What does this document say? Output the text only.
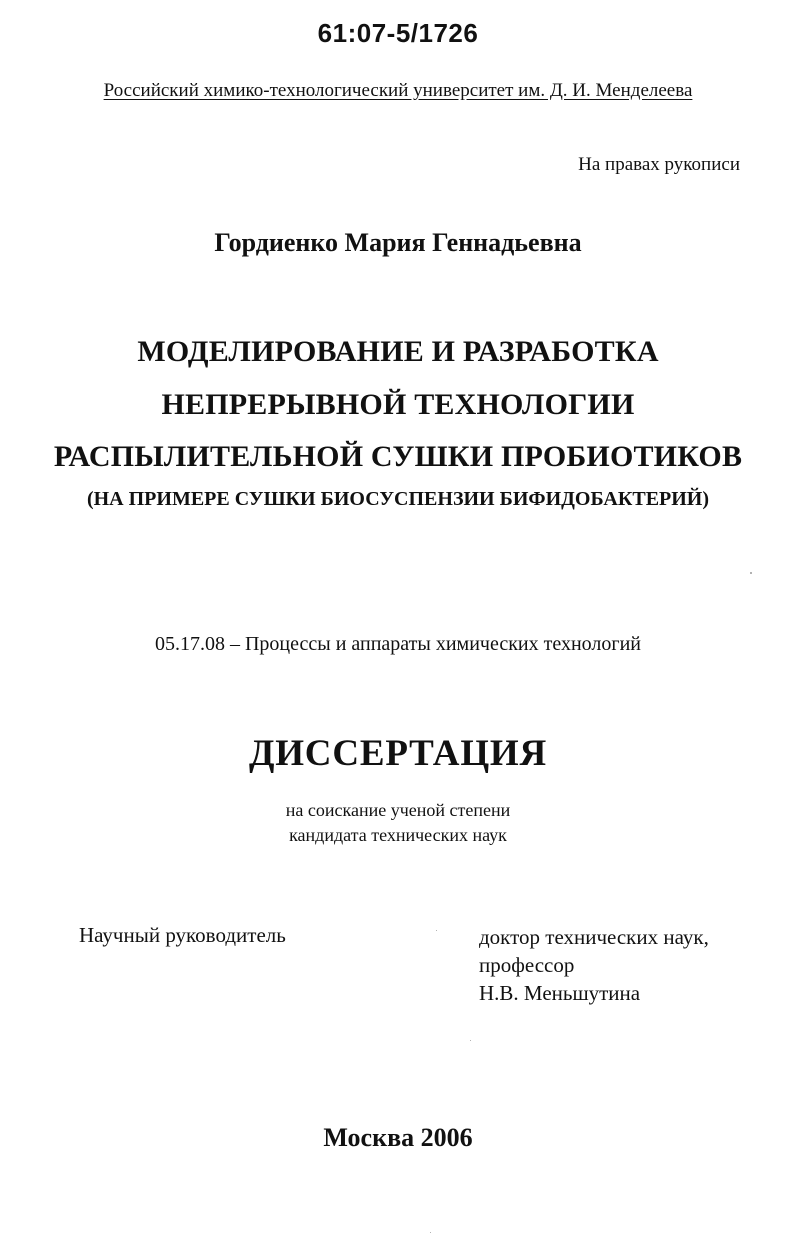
61:07-5/1726
Российский химико-технологический университет им. Д. И. Менделеева
На правах рукописи
Гордиенко Мария Геннадьевна
МОДЕЛИРОВАНИЕ И РАЗРАБОТКА
НЕПРЕРЫВНОЙ ТЕХНОЛОГИИ
РАСПЫЛИТЕЛЬНОЙ СУШКИ ПРОБИОТИКОВ
(НА ПРИМЕРЕ СУШКИ БИОСУСПЕНЗИИ БИФИДОБАКТЕРИЙ)
05.17.08 – Процессы и аппараты химических технологий
ДИССЕРТАЦИЯ
на соискание ученой степени
кандидата технических наук
Научный руководитель	доктор технических наук,
профессор
Н.В. Меньшутина
Москва 2006
